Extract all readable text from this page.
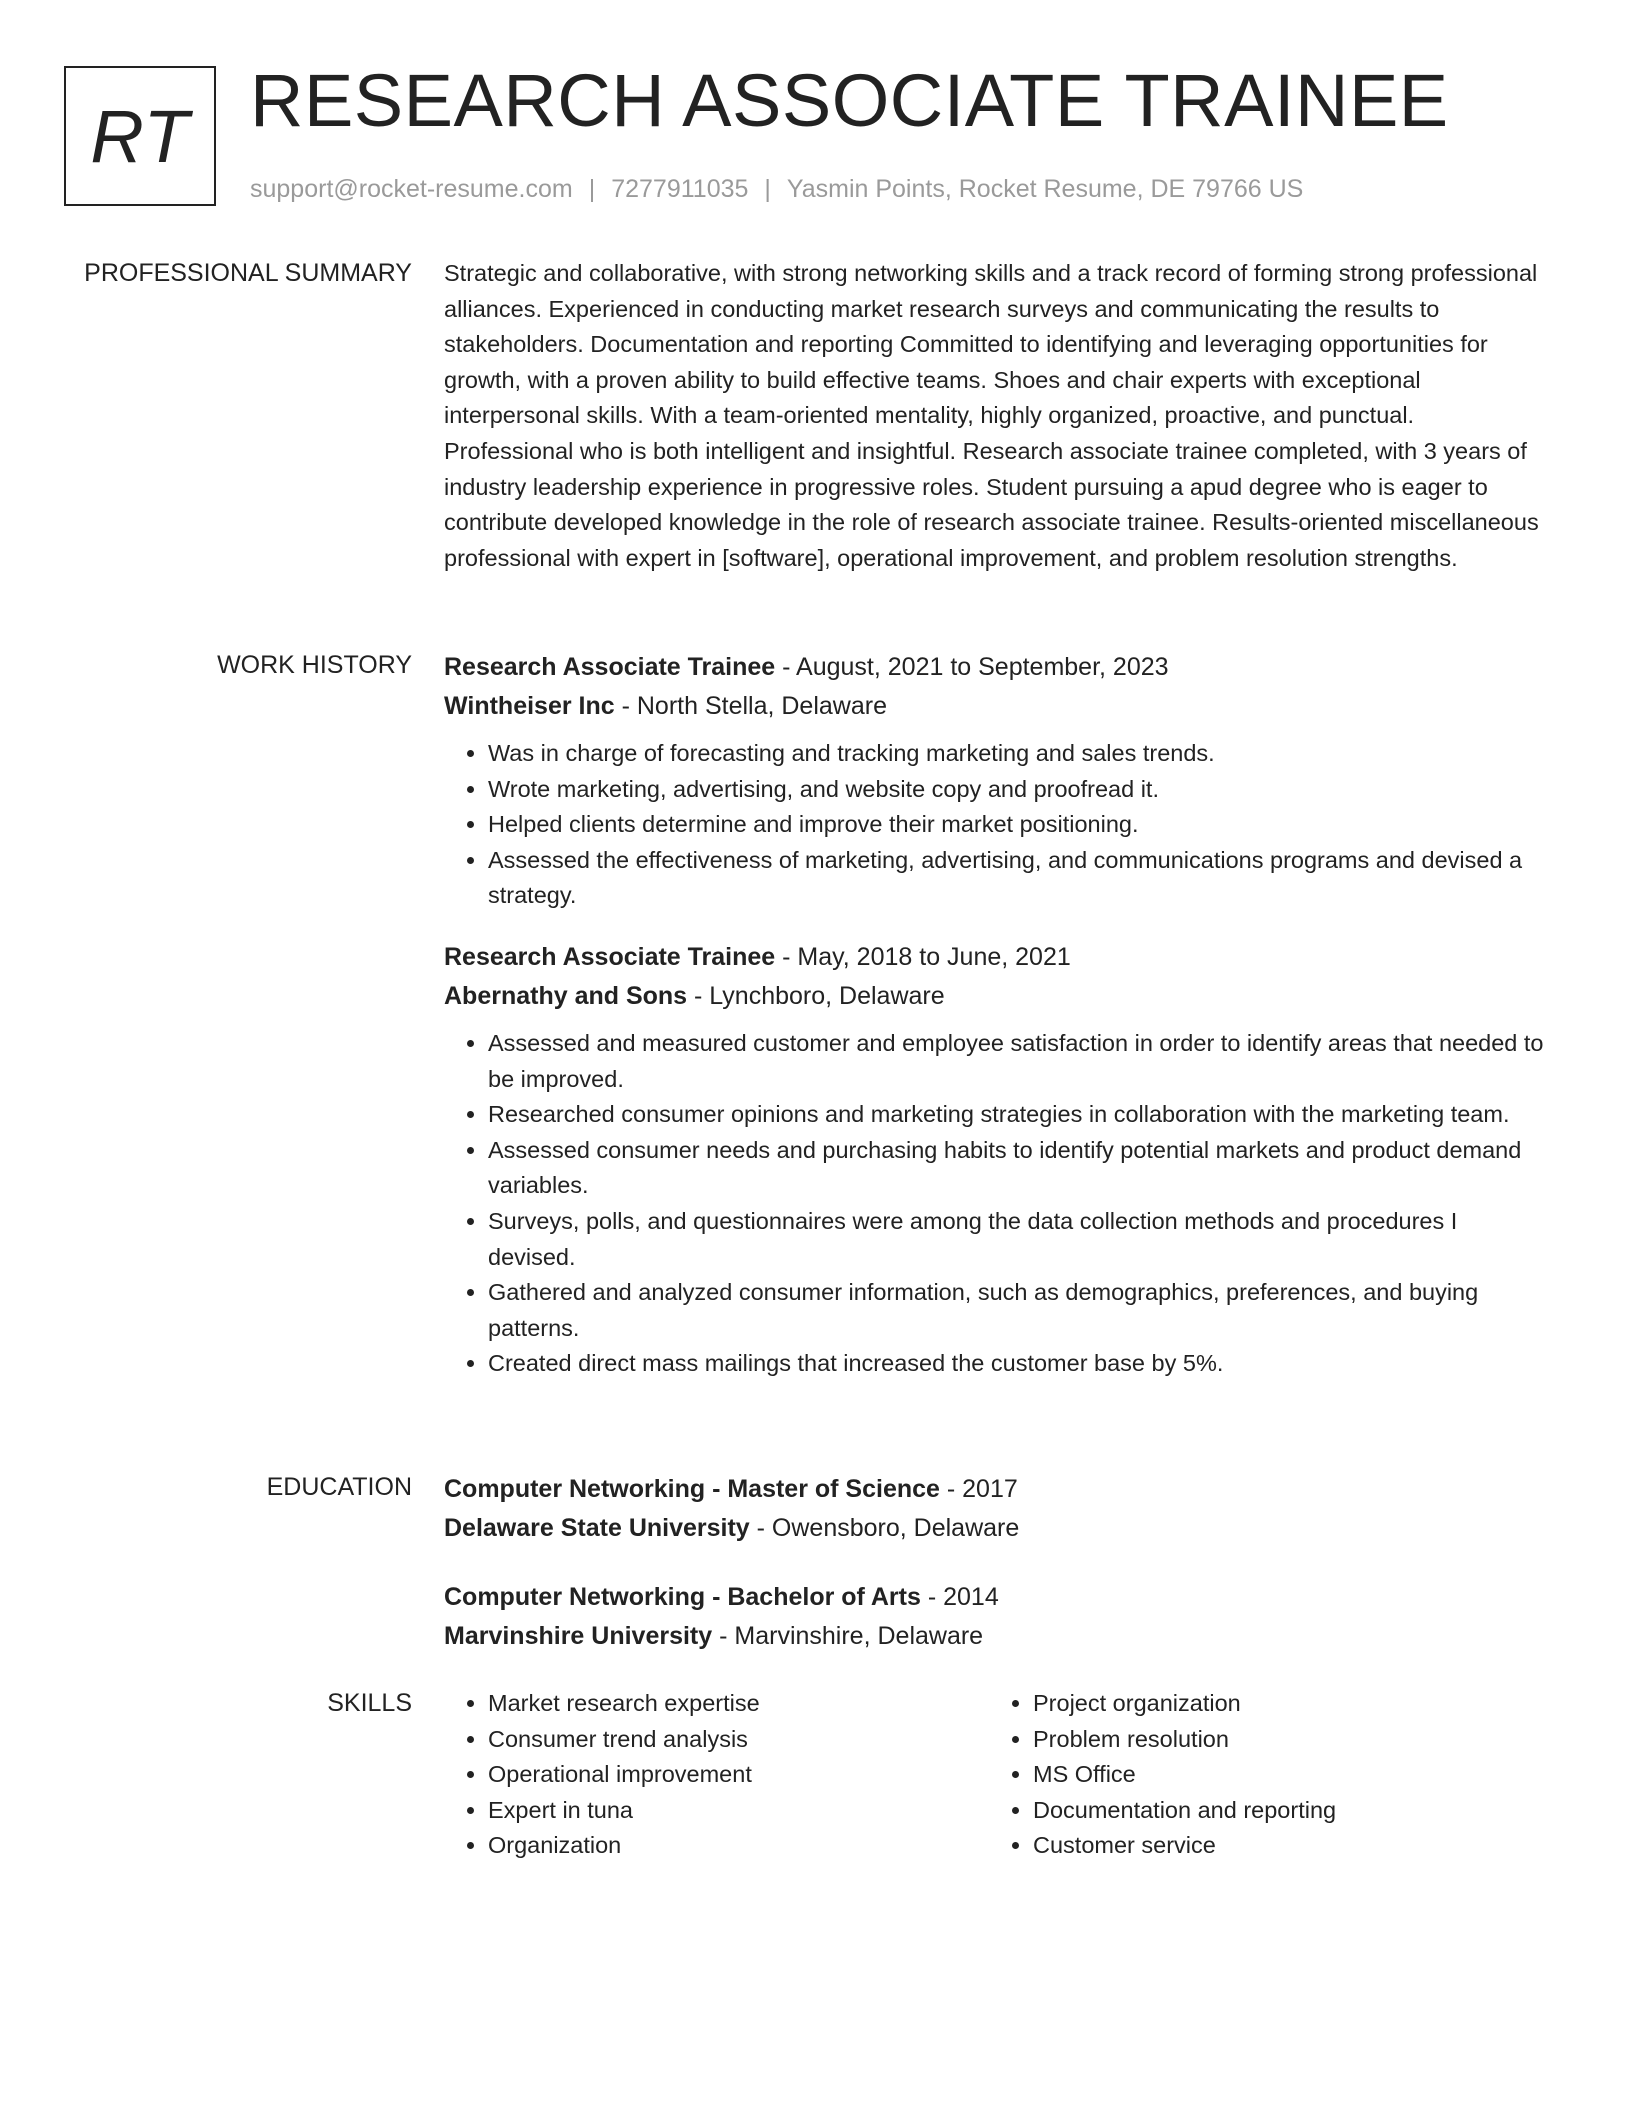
RT RESEARCH ASSOCIATE TRAINEE
support@rocket-resume.com | 7277911035 | Yasmin Points, Rocket Resume, DE 79766 US
PROFESSIONAL SUMMARY Strategic and collaborative, with strong networking skills and a track record of forming strong professional alliances. Experienced in conducting market research surveys and communicating the results to stakeholders. Documentation and reporting Committed to identifying and leveraging opportunities for growth, with a proven ability to build effective teams. Shoes and chair experts with exceptional interpersonal skills. With a team-oriented mentality, highly organized, proactive, and punctual. Professional who is both intelligent and insightful. Research associate trainee completed, with 3 years of industry leadership experience in progressive roles. Student pursuing a apud degree who is eager to contribute developed knowledge in the role of research associate trainee. Results-oriented miscellaneous professional with expert in [software], operational improvement, and problem resolution strengths.

WORK HISTORY Research Associate Trainee - August, 2021 to September, 2023
Wintheiser Inc - North Stella, Delaware
• Was in charge of forecasting and tracking marketing and sales trends.
• Wrote marketing, advertising, and website copy and proofread it.
• Helped clients determine and improve their market positioning.
• Assessed the effectiveness of marketing, advertising, and communications programs and devised a strategy.
Research Associate Trainee - May, 2018 to June, 2021
Abernathy and Sons - Lynchboro, Delaware
• Assessed and measured customer and employee satisfaction in order to identify areas that needed to be improved.
• Researched consumer opinions and marketing strategies in collaboration with the marketing team.
• Assessed consumer needs and purchasing habits to identify potential markets and product demand variables.
• Surveys, polls, and questionnaires were among the data collection methods and procedures I devised.
• Gathered and analyzed consumer information, such as demographics, preferences, and buying patterns.
• Created direct mass mailings that increased the customer base by 5%.
EDUCATION Computer Networking - Master of Science - 2017
Delaware State University - Owensboro, Delaware
Computer Networking - Bachelor of Arts - 2014
Marvinshire University - Marvinshire, Delaware
SKILLS
•	Market research expertise
• Consumer trend analysis
• Operational improvement
• Expert in tuna
• Organization
• Project organization
• Problem resolution
• MS Office
• Documentation and reporting
• Customer service
